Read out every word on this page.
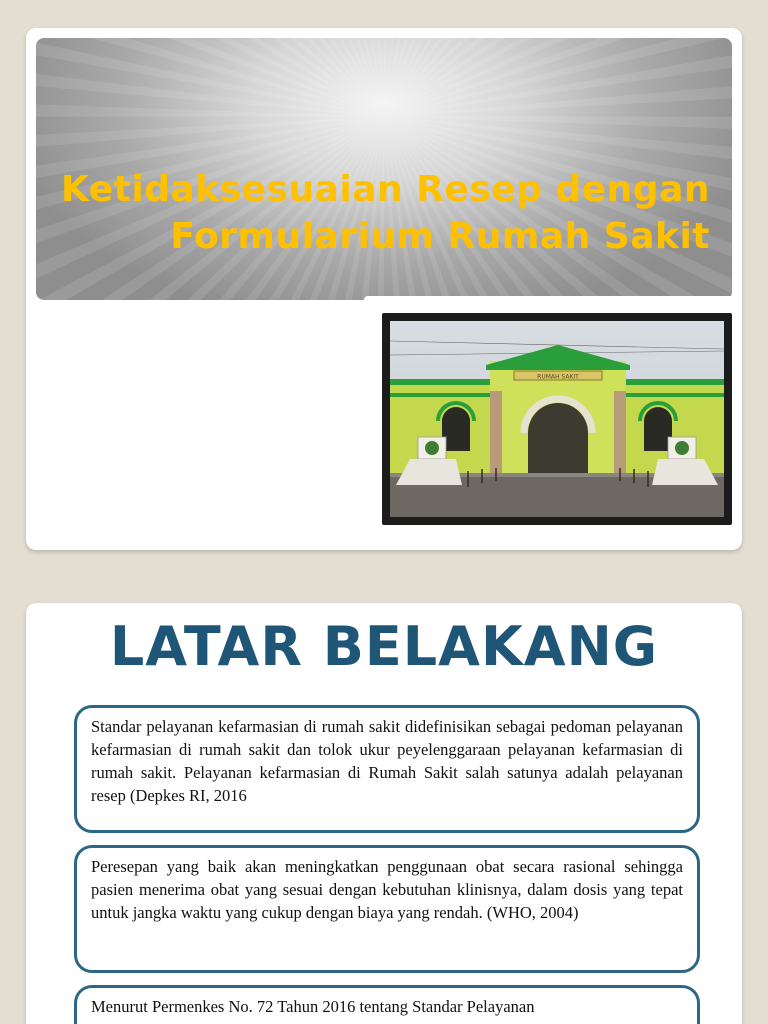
Ketidaksesuaian Resep dengan Formularium Rumah Sakit
RUMAH SAKIT
LATAR BELAKANG
Standar pelayanan kefarmasian di rumah sakit didefinisikan sebagai pedoman pelayanan kefarmasian di rumah sakit dan tolok ukur peyelenggaraan pelayanan kefarmasian di rumah sakit. Pelayanan kefarmasian di Rumah Sakit salah satunya adalah pelayanan resep (Depkes RI, 2016
Peresepan yang baik akan meningkatkan penggunaan obat secara rasional sehingga pasien menerima obat yang sesuai dengan kebutuhan klinisnya, dalam dosis yang tepat untuk jangka waktu yang cukup dengan biaya yang rendah. (WHO, 2004)
Menurut Permenkes No. 72 Tahun 2016 tentang Standar Pelayanan
